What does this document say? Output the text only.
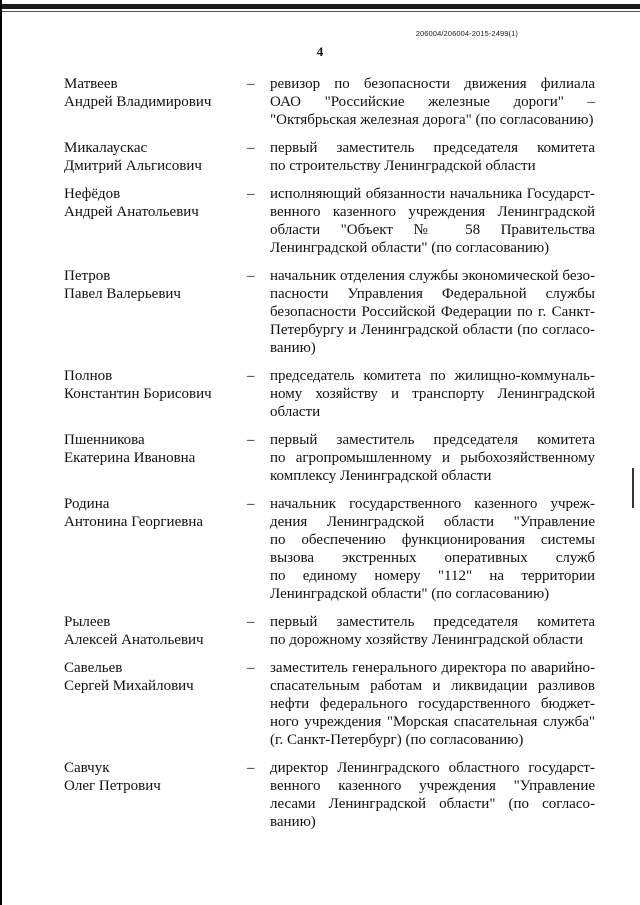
206004/206004-2015-2499(1)
4
Матвеев
Андрей Владимирович
– ревизор по безопасности движения филиала
ОАО "Российские железные дороги" –
"Октябрьская железная дорога" (по согласованию)
Микалаускас
Дмитрий Альгисович
– первый заместитель председателя комитета
по строительству Ленинградской области
Нефёдов
Андрей Анатольевич
– исполняющий обязанности начальника Государст-
венного казенного учреждения Ленинградской
области "Объект № 58 Правительства
Ленинградской области" (по согласованию)
Петров
Павел Валерьевич
– начальник отделения службы экономической безо-
пасности Управления Федеральной службы
безопасности Российской Федерации по г. Санкт-
Петербургу и Ленинградской области (по согласо-
ванию)
Полнов
Константин Борисович
– председатель комитета по жилищно-коммуналь-
ному хозяйству и транспорту Ленинградской
области
Пшенникова
Екатерина Ивановна
– первый заместитель председателя комитета
по агропромышленному и рыбохозяйственному
комплексу Ленинградской области
Родина
Антонина Георгиевна
– начальник государственного казенного учреж-
дения Ленинградской области "Управление
по обеспечению функционирования системы
вызова экстренных оперативных служб
по единому номеру "112" на территории
Ленинградской области" (по согласованию)
Рылеев
Алексей Анатольевич
– первый заместитель председателя комитета
по дорожному хозяйству Ленинградской области
Савельев
Сергей Михайлович
– заместитель генерального директора по аварийно-
спасательным работам и ликвидации разливов
нефти федерального государственного бюджет-
ного учреждения "Морская спасательная служба"
(г. Санкт-Петербург) (по согласованию)
Савчук
Олег Петрович
– директор Ленинградского областного государст-
венного казенного учреждения "Управление
лесами Ленинградской области" (по согласо-
ванию)
